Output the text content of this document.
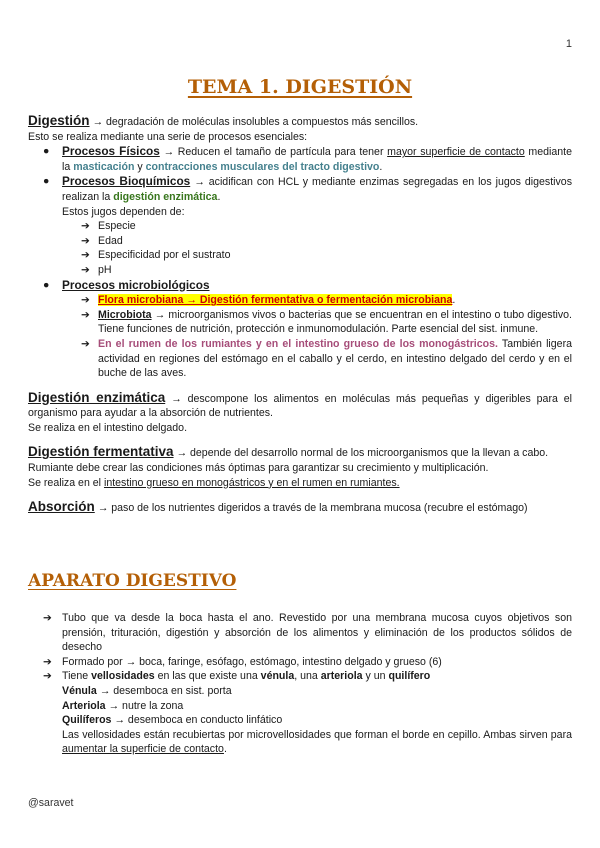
1
TEMA 1. DIGESTIÓN
Digestión → degradación de moléculas insolubles a compuestos más sencillos.
Esto se realiza mediante una serie de procesos esenciales:
● Procesos Físicos → Reducen el tamaño de partícula para tener mayor superficie de contacto mediante la masticación y contracciones musculares del tracto digestivo.
● Procesos Bioquímicos → acidifican con HCL y mediante enzimas segregadas en los jugos digestivos realizan la digestión enzimática.
Estos jugos dependen de:
➔ Especie
➔ Edad
➔ Especificidad por el sustrato
➔ pH
● Procesos microbiológicos
➔ Flora microbiana → Digestión fermentativa o fermentación microbiana.
➔ Microbiota → microorganismos vivos o bacterias que se encuentran en el intestino o tubo digestivo. Tiene funciones de nutrición, protección e inmunomodulación. Parte esencial del sist. inmune.
➔ En el rumen de los rumiantes y en el intestino grueso de los monogástricos. También ligera actividad en regiones del estómago en el caballo y el cerdo, en intestino delgado del cerdo y en el buche de las aves.
Digestión enzimática → descompone los alimentos en moléculas más pequeñas y digeribles para el organismo para ayudar a la absorción de nutrientes.
Se realiza en el intestino delgado.
Digestión fermentativa → depende del desarrollo normal de los microorganismos que la llevan a cabo.
Rumiante debe crear las condiciones más óptimas para garantizar su crecimiento y multiplicación.
Se realiza en el intestino grueso en monogástricos y en el rumen en rumiantes.
Absorción → paso de los nutrientes digeridos a través de la membrana mucosa (recubre el estómago)
APARATO DIGESTIVO
➔ Tubo que va desde la boca hasta el ano. Revestido por una membrana mucosa cuyos objetivos son prensión, trituración, digestión y absorción de los alimentos y eliminación de los productos sólidos de desecho
➔ Formado por → boca, faringe, esófago, estómago, intestino delgado y grueso (6)
➔ Tiene vellosidades en las que existe una vénula, una arteriola y un quilífero
Vénula → desemboca en sist. porta
Arteriola → nutre la zona
Quilíferos → desemboca en conducto linfático
Las vellosidades están recubiertas por microvellosidades que forman el borde en cepillo. Ambas sirven para aumentar la superficie de contacto.
@saravet
